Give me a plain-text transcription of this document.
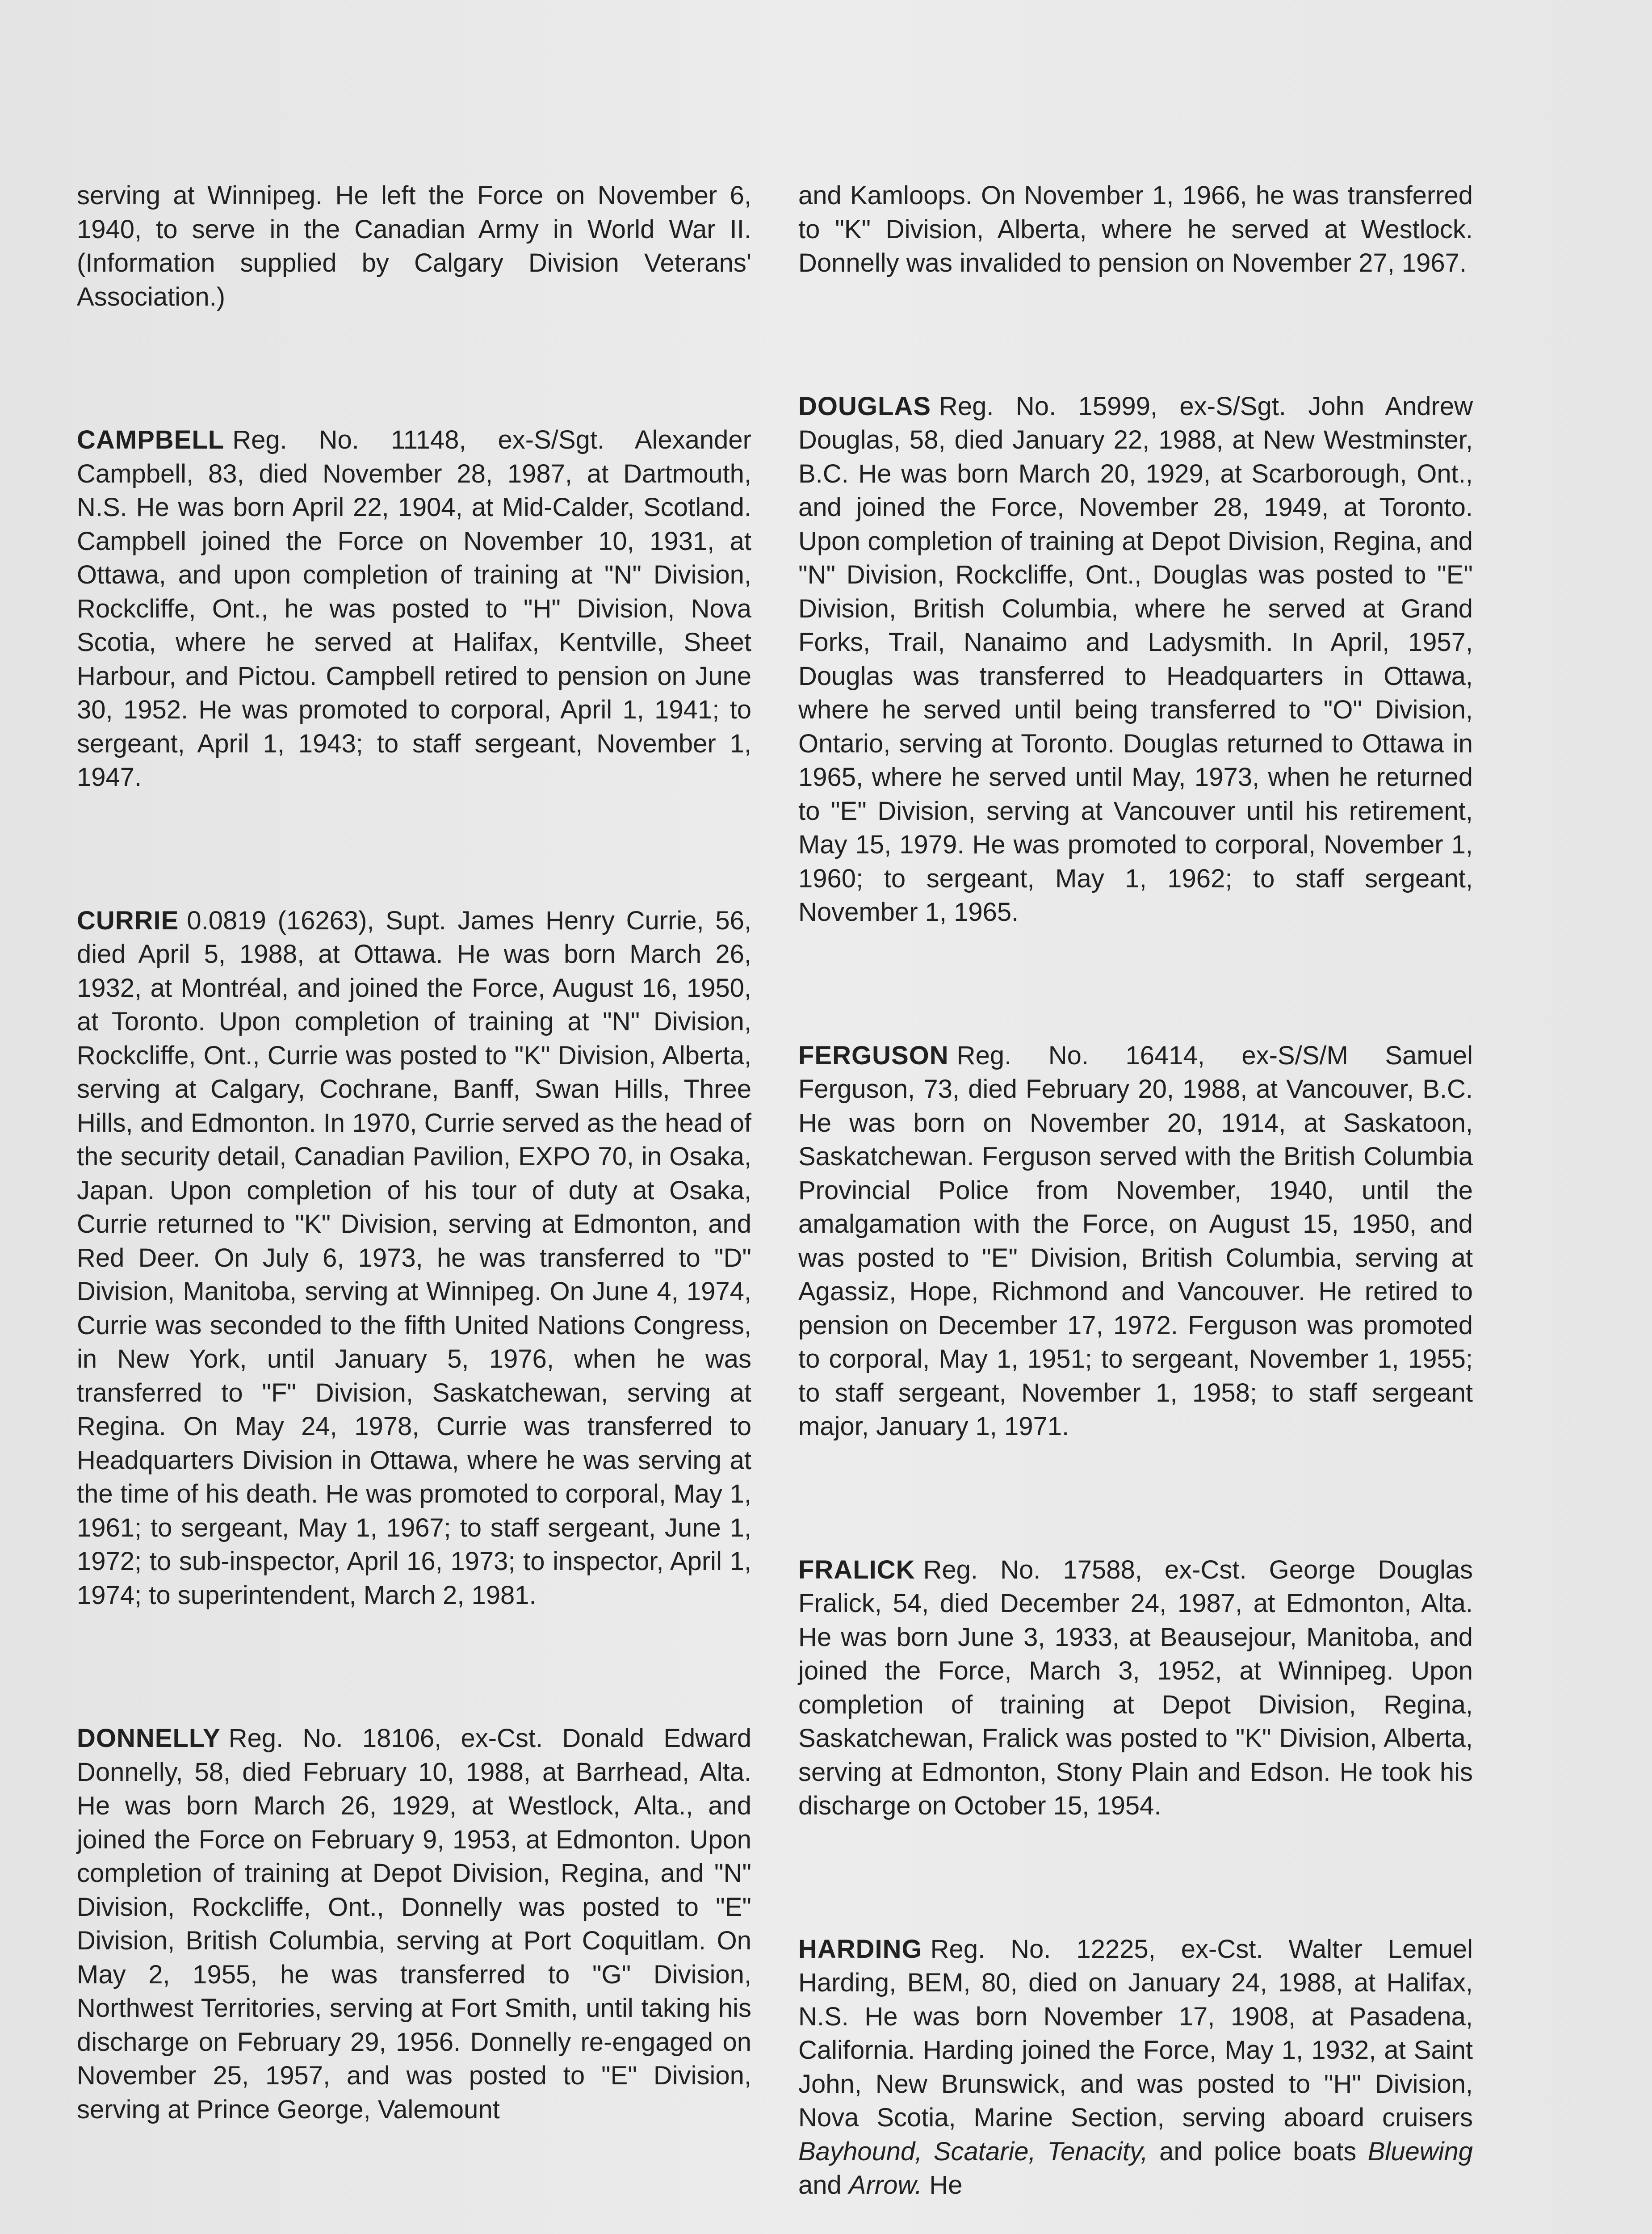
serving at Winnipeg. He left the Force on November 6, 1940, to serve in the Canadian Army in World War II. (Information supplied by Calgary Division Veterans' Association.)

CAMPBELL Reg. No. 11148, ex-S/Sgt. Alexander Campbell, 83, died November 28, 1987, at Dartmouth, N.S. He was born April 22, 1904, at Mid-Calder, Scotland. Campbell joined the Force on November 10, 1931, at Ottawa, and upon completion of training at "N" Division, Rockcliffe, Ont., he was posted to "H" Division, Nova Scotia, where he served at Halifax, Kentville, Sheet Harbour, and Pictou. Campbell retired to pension on June 30, 1952. He was promoted to corporal, April 1, 1941; to sergeant, April 1, 1943; to staff sergeant, November 1, 1947.

CURRIE 0.0819 (16263), Supt. James Henry Currie, 56, died April 5, 1988, at Ottawa. He was born March 26, 1932, at Montréal, and joined the Force, August 16, 1950, at Toronto. Upon completion of training at "N" Division, Rockcliffe, Ont., Currie was posted to "K" Division, Alberta, serving at Calgary, Cochrane, Banff, Swan Hills, Three Hills, and Edmonton. In 1970, Currie served as the head of the security detail, Canadian Pavilion, EXPO 70, in Osaka, Japan. Upon completion of his tour of duty at Osaka, Currie returned to "K" Division, serving at Edmonton, and Red Deer. On July 6, 1973, he was transferred to "D" Division, Manitoba, serving at Winnipeg. On June 4, 1974, Currie was seconded to the fifth United Nations Congress, in New York, until January 5, 1976, when he was transferred to "F" Division, Saskatchewan, serving at Regina. On May 24, 1978, Currie was transferred to Headquarters Division in Ottawa, where he was serving at the time of his death. He was promoted to corporal, May 1, 1961; to sergeant, May 1, 1967; to staff sergeant, June 1, 1972; to sub-inspector, April 16, 1973; to inspector, April 1, 1974; to superintendent, March 2, 1981.

DONNELLY Reg. No. 18106, ex-Cst. Donald Edward Donnelly, 58, died February 10, 1988, at Barrhead, Alta. He was born March 26, 1929, at Westlock, Alta., and joined the Force on February 9, 1953, at Edmonton. Upon completion of training at Depot Division, Regina, and "N" Division, Rockcliffe, Ont., Donnelly was posted to "E" Division, British Columbia, serving at Port Coquitlam. On May 2, 1955, he was transferred to "G" Division, Northwest Territories, serving at Fort Smith, until taking his discharge on February 29, 1956. Donnelly re-engaged on November 25, 1957, and was posted to "E" Division, serving at Prince George, Valemount

and Kamloops. On November 1, 1966, he was transferred to "K" Division, Alberta, where he served at Westlock. Donnelly was invalided to pension on November 27, 1967.

DOUGLAS Reg. No. 15999, ex-S/Sgt. John Andrew Douglas, 58, died January 22, 1988, at New Westminster, B.C. He was born March 20, 1929, at Scarborough, Ont., and joined the Force, November 28, 1949, at Toronto. Upon completion of training at Depot Division, Regina, and "N" Division, Rockcliffe, Ont., Douglas was posted to "E" Division, British Columbia, where he served at Grand Forks, Trail, Nanaimo and Ladysmith. In April, 1957, Douglas was transferred to Headquarters in Ottawa, where he served until being transferred to "O" Division, Ontario, serving at Toronto. Douglas returned to Ottawa in 1965, where he served until May, 1973, when he returned to "E" Division, serving at Vancouver until his retirement, May 15, 1979. He was promoted to corporal, November 1, 1960; to sergeant, May 1, 1962; to staff sergeant, November 1, 1965.

FERGUSON Reg. No. 16414, ex-S/S/M Samuel Ferguson, 73, died February 20, 1988, at Vancouver, B.C. He was born on November 20, 1914, at Saskatoon, Saskatchewan. Ferguson served with the British Columbia Provincial Police from November, 1940, until the amalgamation with the Force, on August 15, 1950, and was posted to "E" Division, British Columbia, serving at Agassiz, Hope, Richmond and Vancouver. He retired to pension on December 17, 1972. Ferguson was promoted to corporal, May 1, 1951; to sergeant, November 1, 1955; to staff sergeant, November 1, 1958; to staff sergeant major, January 1, 1971.

FRALICK Reg. No. 17588, ex-Cst. George Douglas Fralick, 54, died December 24, 1987, at Edmonton, Alta. He was born June 3, 1933, at Beausejour, Manitoba, and joined the Force, March 3, 1952, at Winnipeg. Upon completion of training at Depot Division, Regina, Saskatchewan, Fralick was posted to "K" Division, Alberta, serving at Edmonton, Stony Plain and Edson. He took his discharge on October 15, 1954.

HARDING Reg. No. 12225, ex-Cst. Walter Lemuel Harding, BEM, 80, died on January 24, 1988, at Halifax, N.S. He was born November 17, 1908, at Pasadena, California. Harding joined the Force, May 1, 1932, at Saint John, New Brunswick, and was posted to "H" Division, Nova Scotia, Marine Section, serving aboard cruisers Bayhound, Scatarie, Tenacity, and police boats Bluewing and Arrow. He
